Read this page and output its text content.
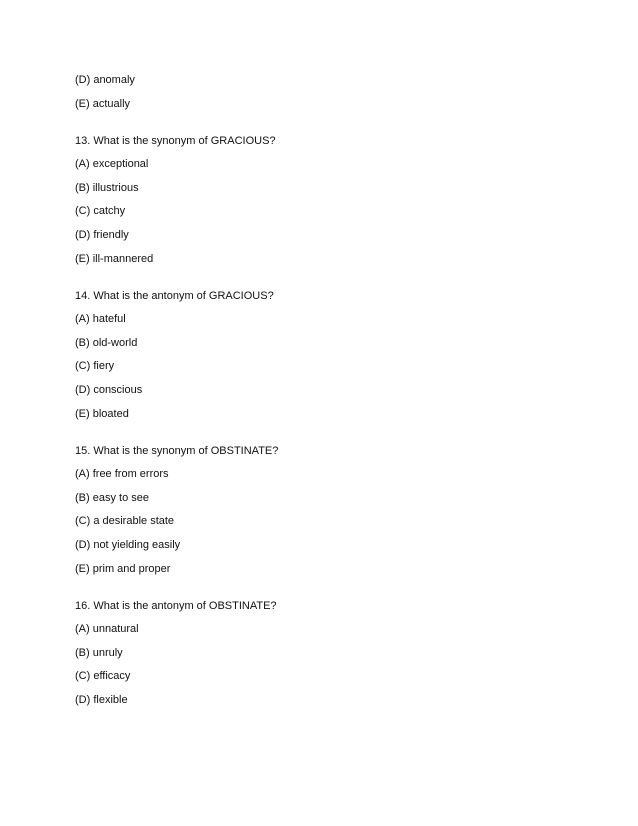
(D) anomaly
(E) actually
13. What is the synonym of GRACIOUS?
(A) exceptional
(B) illustrious
(C) catchy
(D) friendly
(E) ill-mannered
14. What is the antonym of GRACIOUS?
(A) hateful
(B) old-world
(C) fiery
(D) conscious
(E) bloated
15. What is the synonym of OBSTINATE?
(A) free from errors
(B) easy to see
(C) a desirable state
(D) not yielding easily
(E) prim and proper
16. What is the antonym of OBSTINATE?
(A) unnatural
(B) unruly
(C) efficacy
(D) flexible
